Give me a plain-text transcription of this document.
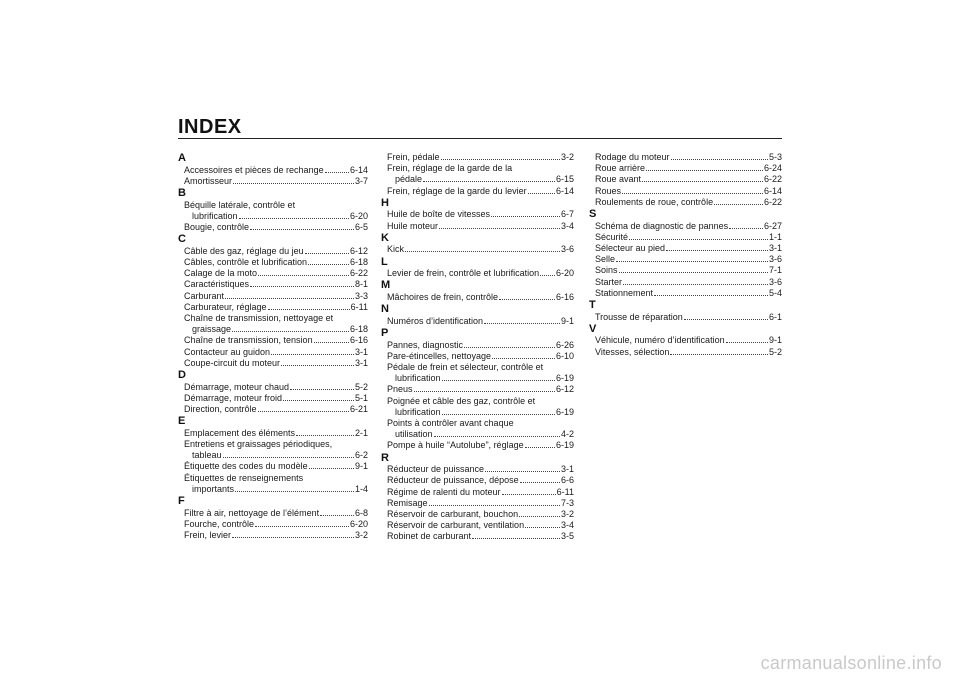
INDEX
A
Accessoires et pièces de rechange	6-14
Amortisseur	3-7
B
Béquille latérale, contrôle et
lubrification	6-20
Bougie, contrôle	6-5
C
Câble des gaz, réglage du jeu	6-12
Câbles, contrôle et lubrification	6-18
Calage de la moto	6-22
Caractéristiques	8-1
Carburant	3-3
Carburateur, réglage	6-11
Chaîne de transmission, nettoyage et
graissage	6-18
Chaîne de transmission, tension	6-16
Contacteur au guidon	3-1
Coupe-circuit du moteur	3-1
D
Démarrage, moteur chaud	5-2
Démarrage, moteur froid	5-1
Direction, contrôle	6-21
E
Emplacement des éléments	2-1
Entretiens et graissages périodiques,
tableau	6-2
Étiquette des codes du modèle	9-1
Étiquettes de renseignements
importants	1-4
F
Filtre à air, nettoyage de l’élément	6-8
Fourche, contrôle	6-20
Frein, levier	3-2
Frein, pédale	3-2
Frein, réglage de la garde de la
pédale	6-15
Frein, réglage de la garde du levier	6-14
H
Huile de boîte de vitesses	6-7
Huile moteur	3-4
K
Kick	3-6
L
Levier de frein, contrôle et lubrification 6-20
M
Mâchoires de frein, contrôle	6-16
N
Numéros d’identification	9-1
P
Pannes, diagnostic	6-26
Pare-étincelles, nettoyage	6-10
Pédale de frein et sélecteur, contrôle et
lubrification	6-19
Pneus	6-12
Poignée et câble des gaz, contrôle et
lubrification	6-19
Points à contrôler avant chaque
utilisation	4-2
Pompe à huile “Autolube”, réglage	6-19
R
Réducteur de puissance	3-1
Réducteur de puissance, dépose	6-6
Régime de ralenti du moteur	6-11
Remisage	7-3
Réservoir de carburant, bouchon	3-2
Réservoir de carburant, ventilation	3-4
Robinet de carburant	3-5
Rodage du moteur	5-3
Roue arrière	6-24
Roue avant	6-22
Roues	6-14
Roulements de roue, contrôle	6-22
S
Schéma de diagnostic de pannes	6-27
Sécurité	1-1
Sélecteur au pied	3-1
Selle	3-6
Soins	7-1
Starter	3-6
Stationnement	5-4
T
Trousse de réparation	6-1
V
Véhicule, numéro d’identification	9-1
Vitesses, sélection	5-2
carmanualsonline.info
